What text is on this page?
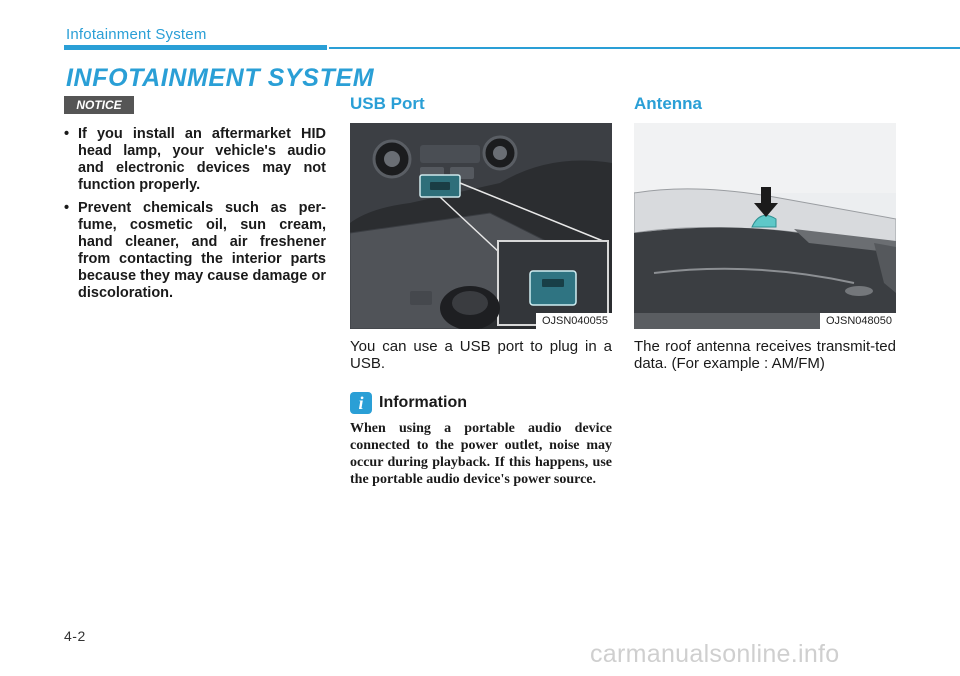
Infotainment System
INFOTAINMENT SYSTEM
NOTICE
• If you install an aftermarket HID head lamp, your vehicle's audio and electronic devices may not function properly.
• Prevent chemicals such as per-fume, cosmetic oil, sun cream, hand cleaner, and air freshener from contacting the interior parts because they may cause damage or discoloration.
USB Port
OJSN040055
You can use a USB port to plug in a USB.
i Information
When using a portable audio device connected to the power outlet, noise may occur during playback. If this happens, use the portable audio device's power source.
Antenna
OJSN048050
The roof antenna receives transmit-ted data. (For example : AM/FM)
4-2
carmanualsonline.info
